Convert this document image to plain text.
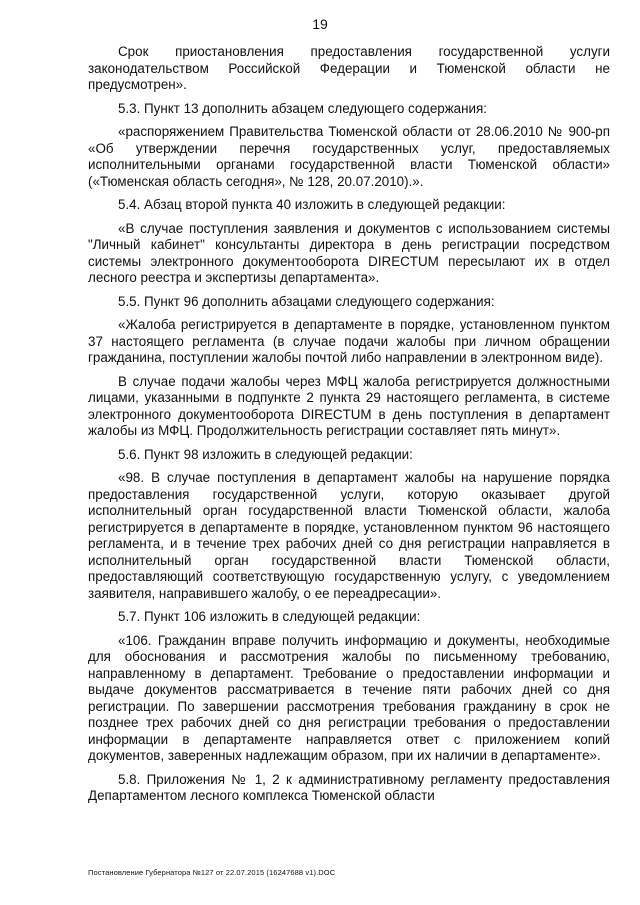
19

Срок приостановления предоставления государственной услуги законодательством Российской Федерации и Тюменской области не предусмотрен».

5.3. Пункт 13 дополнить абзацем следующего содержания:

«распоряжением Правительства Тюменской области от 28.06.2010 № 900-рп «Об утверждении перечня государственных услуг, предоставляемых исполнительными органами государственной власти Тюменской области» («Тюменская область сегодня», № 128, 20.07.2010).».

5.4. Абзац второй пункта 40 изложить в следующей редакции:

«В случае поступления заявления и документов с использованием системы "Личный кабинет" консультанты директора в день регистрации посредством системы электронного документооборота DIRECTUM пересылают их в отдел лесного реестра и экспертизы департамента».

5.5. Пункт 96 дополнить абзацами следующего содержания:

«Жалоба регистрируется в департаменте в порядке, установленном пунктом 37 настоящего регламента (в случае подачи жалобы при личном обращении гражданина, поступлении жалобы почтой либо направлении в электронном виде).

В случае подачи жалобы через МФЦ жалоба регистрируется должностными лицами, указанными в подпункте 2 пункта 29 настоящего регламента, в системе электронного документооборота DIRECTUM в день поступления в департамент жалобы из МФЦ. Продолжительность регистрации составляет пять минут».

5.6. Пункт 98 изложить в следующей редакции:

«98. В случае поступления в департамент жалобы на нарушение порядка предоставления государственной услуги, которую оказывает другой исполнительный орган государственной власти Тюменской области, жалоба регистрируется в департаменте в порядке, установленном пунктом 96 настоящего регламента, и в течение трех рабочих дней со дня регистрации направляется в исполнительный орган государственной власти Тюменской области, предоставляющий соответствующую государственную услугу, с уведомлением заявителя, направившего жалобу, о ее переадресации».

5.7. Пункт 106 изложить в следующей редакции:

«106. Гражданин вправе получить информацию и документы, необходимые для обоснования и рассмотрения жалобы по письменному требованию, направленному в департамент. Требование о предоставлении информации и выдаче документов рассматривается в течение пяти рабочих дней со дня регистрации. По завершении рассмотрения требования гражданину в срок не позднее трех рабочих дней со дня регистрации требования о предоставлении информации в департаменте направляется ответ с приложением копий документов, заверенных надлежащим образом, при их наличии в департаменте».

5.8. Приложения № 1, 2 к административному регламенту предоставления Департаментом лесного комплекса Тюменской области

Постановление Губернатора №127 от 22.07.2015 (16247688 v1).DOC
